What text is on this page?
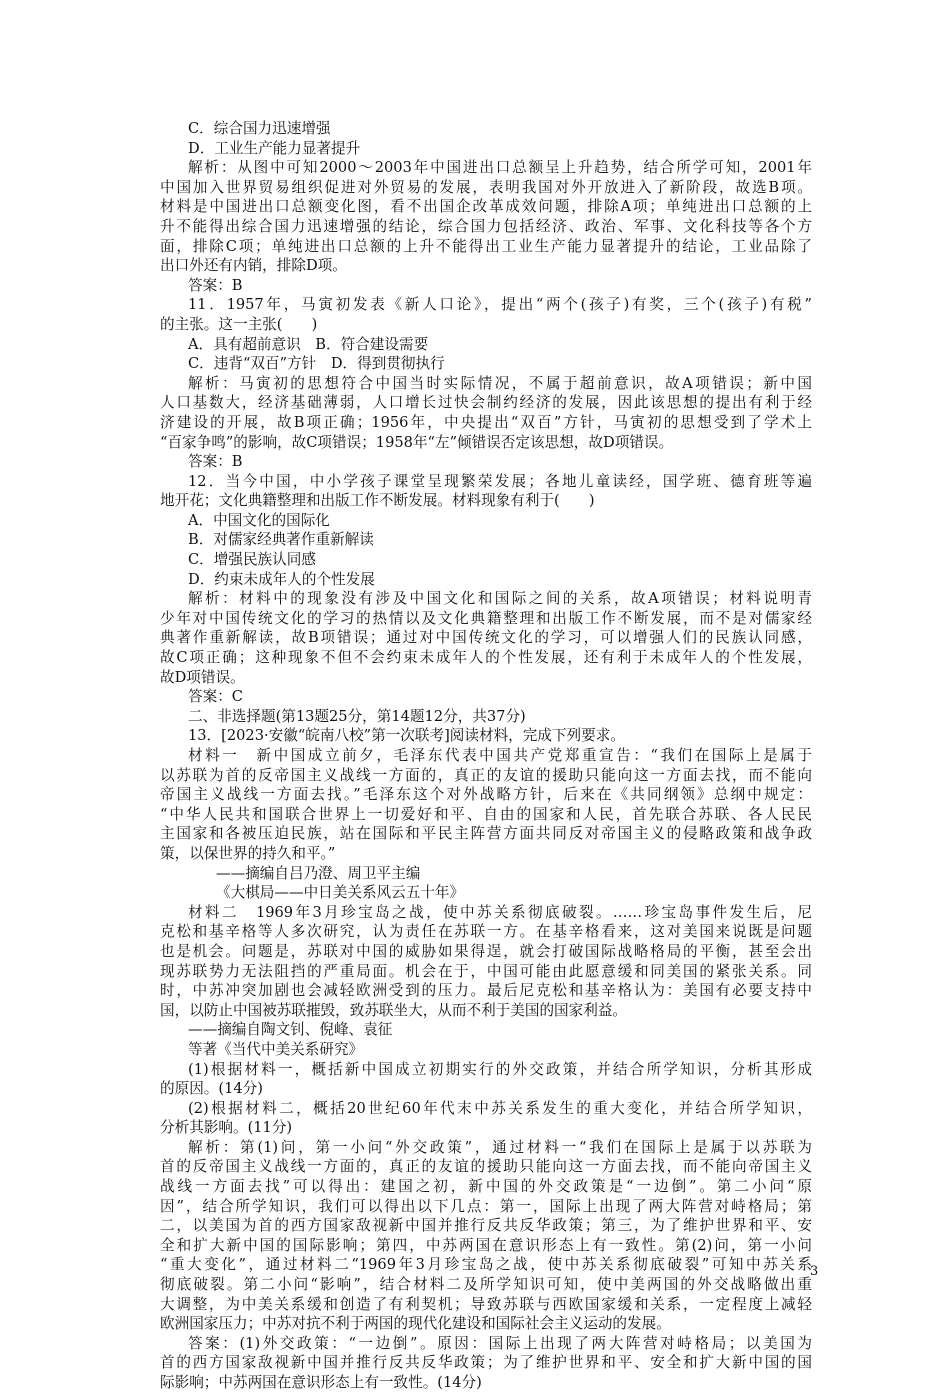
C．综合国力迅速增强
D．工业生产能力显著提升
解析：从图中可知2000～2003年中国进出口总额呈上升趋势，结合所学可知，2001年
中国加入世界贸易组织促进对外贸易的发展，表明我国对外开放进入了新阶段，故选B项。
材料是中国进出口总额变化图，看不出国企改革成效问题，排除A项；单纯进出口总额的上
升不能得出综合国力迅速增强的结论，综合国力包括经济、政治、军事、文化科技等各个方
面，排除C项；单纯进出口总额的上升不能得出工业生产能力显著提升的结论，工业品除了
出口外还有内销，排除D项。
答案：B
11．1957年，马寅初发表《新人口论》，提出“两个(孩子)有奖，三个(孩子)有税”
的主张。这一主张(　　)
A．具有超前意识　B．符合建设需要
C．违背“双百”方针　D．得到贯彻执行
解析：马寅初的思想符合中国当时实际情况，不属于超前意识，故A项错误；新中国
人口基数大，经济基础薄弱，人口增长过快会制约经济的发展，因此该思想的提出有利于经
济建设的开展，故B项正确；1956年，中央提出“双百”方针，马寅初的思想受到了学术上
“百家争鸣”的影响，故C项错误；1958年“左”倾错误否定该思想，故D项错误。
答案：B
12．当今中国，中小学孩子课堂呈现繁荣发展；各地儿童读经，国学班、德育班等遍
地开花；文化典籍整理和出版工作不断发展。材料现象有利于(　　)
A．中国文化的国际化
B．对儒家经典著作重新解读
C．增强民族认同感
D．约束未成年人的个性发展
解析：材料中的现象没有涉及中国文化和国际之间的关系，故A项错误；材料说明青
少年对中国传统文化的学习的热情以及文化典籍整理和出版工作不断发展，而不是对儒家经
典著作重新解读，故B项错误；通过对中国传统文化的学习，可以增强人们的民族认同感，
故C项正确；这种现象不但不会约束未成年人的个性发展，还有利于未成年人的个性发展，
故D项错误。
答案：C
二、非选择题(第13题25分，第14题12分，共37分)
13．[2023·安徽“皖南八校”第一次联考]阅读材料，完成下列要求。
材料一　新中国成立前夕，毛泽东代表中国共产党郑重宣告：“我们在国际上是属于
以苏联为首的反帝国主义战线一方面的，真正的友谊的援助只能向这一方面去找，而不能向
帝国主义战线一方面去找。”毛泽东这个对外战略方针，后来在《共同纲领》总纲中规定：
“中华人民共和国联合世界上一切爱好和平、自由的国家和人民，首先联合苏联、各人民民
主国家和各被压迫民族，站在国际和平民主阵营方面共同反对帝国主义的侵略政策和战争政
策，以保世界的持久和平。”
——摘编自吕乃澄、周卫平主编
《大棋局——中日美关系风云五十年》
材料二　1969年3月珍宝岛之战，使中苏关系彻底破裂。……珍宝岛事件发生后，尼
克松和基辛格等人多次研究，认为责任在苏联一方。在基辛格看来，这对美国来说既是问题
也是机会。问题是，苏联对中国的威胁如果得逞，就会打破国际战略格局的平衡，甚至会出
现苏联势力无法阻挡的严重局面。机会在于，中国可能由此愿意缓和同美国的紧张关系。同
时，中苏冲突加剧也会减轻欧洲受到的压力。最后尼克松和基辛格认为：美国有必要支持中
国，以防止中国被苏联摧毁，致苏联坐大，从而不利于美国的国家利益。
——摘编自陶文钊、倪峰、袁征
等著《当代中美关系研究》
(1)根据材料一，概括新中国成立初期实行的外交政策，并结合所学知识，分析其形成
的原因。(14分)
(2)根据材料二，概括20世纪60年代末中苏关系发生的重大变化，并结合所学知识，
分析其影响。(11分)
解析：第(1)问，第一小问“外交政策”，通过材料一“我们在国际上是属于以苏联为
首的反帝国主义战线一方面的，真正的友谊的援助只能向这一方面去找，而不能向帝国主义
战线一方面去找”可以得出：建国之初，新中国的外交政策是“一边倒”。第二小问“原
因”，结合所学知识，我们可以得出以下几点：第一，国际上出现了两大阵营对峙格局；第
二，以美国为首的西方国家敌视新中国并推行反共反华政策；第三，为了维护世界和平、安
全和扩大新中国的国际影响；第四，中苏两国在意识形态上有一致性。第(2)问，第一小问
“重大变化”，通过材料二“1969年3月珍宝岛之战，使中苏关系彻底破裂”可知中苏关系
彻底破裂。第二小问“影响”，结合材料二及所学知识可知，使中美两国的外交战略做出重
大调整，为中美关系缓和创造了有利契机；导致苏联与西欧国家缓和关系，一定程度上减轻
欧洲国家压力；中苏对抗不利于两国的现代化建设和国际社会主义运动的发展。
答案：(1)外交政策：“一边倒”。原因：国际上出现了两大阵营对峙格局；以美国为
首的西方国家敌视新中国并推行反共反华政策；为了维护世界和平、安全和扩大新中国的国
际影响；中苏两国在意识形态上有一致性。(14分)
3
